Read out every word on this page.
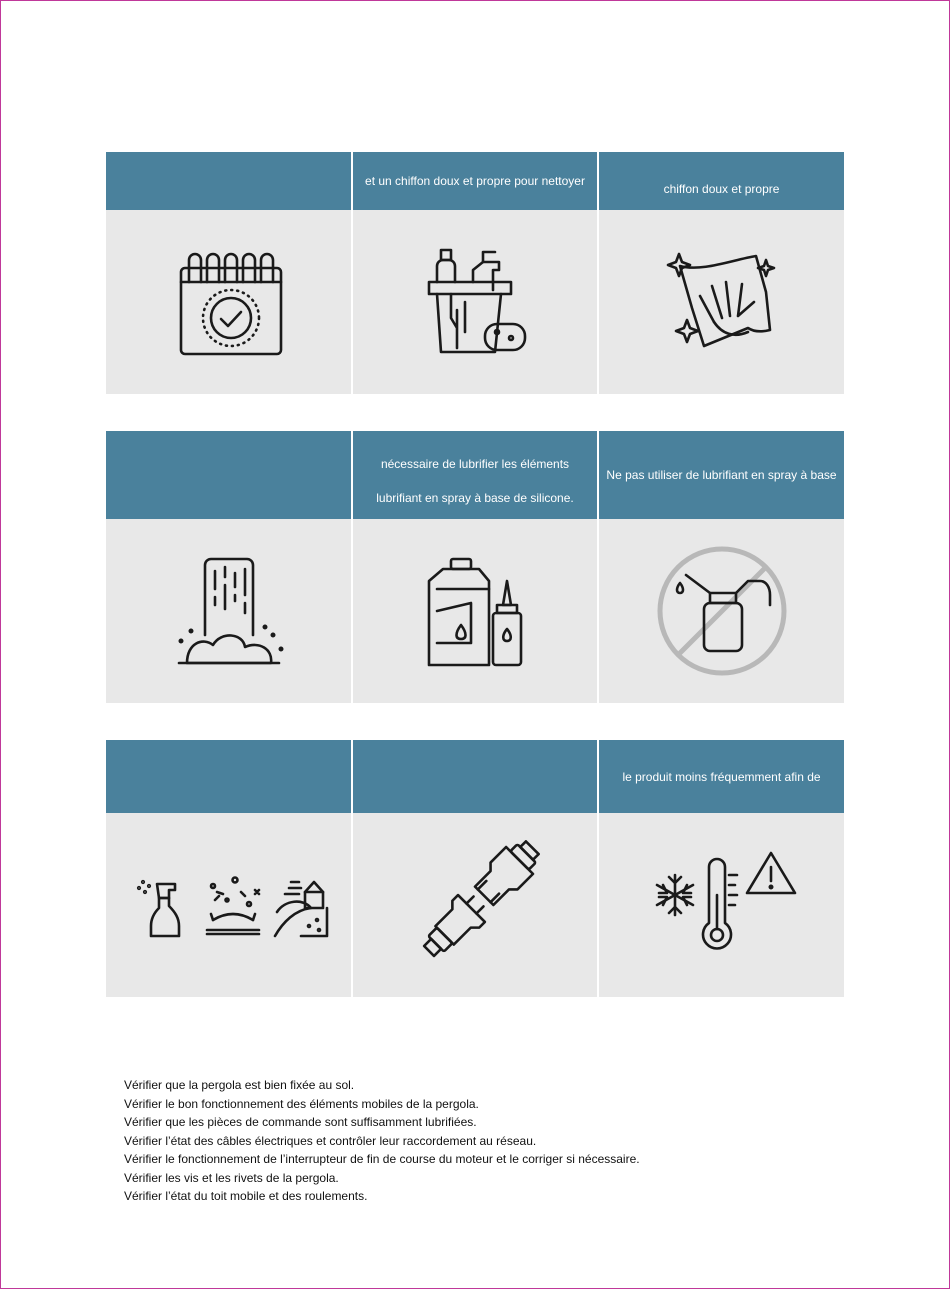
et un chiffon doux et propre pour nettoyer
chiffon doux et propre
nécessaire de lubrifier les éléments
lubrifiant en spray à base de silicone.
Ne pas utiliser de lubrifiant en spray à base
le produit moins fréquemment afin de
Vérifier que la pergola est bien fixée au sol.
Vérifier le bon fonctionnement des éléments mobiles de la pergola.
Vérifier que les pièces de commande sont suffisamment lubrifiées.
Vérifier l’état des câbles électriques et contrôler leur raccordement au réseau.
Vérifier le fonctionnement de l’interrupteur de fin de course du moteur et le corriger si nécessaire.
Vérifier les vis et les rivets de la pergola.
Vérifier l’état du toit mobile et des roulements.
